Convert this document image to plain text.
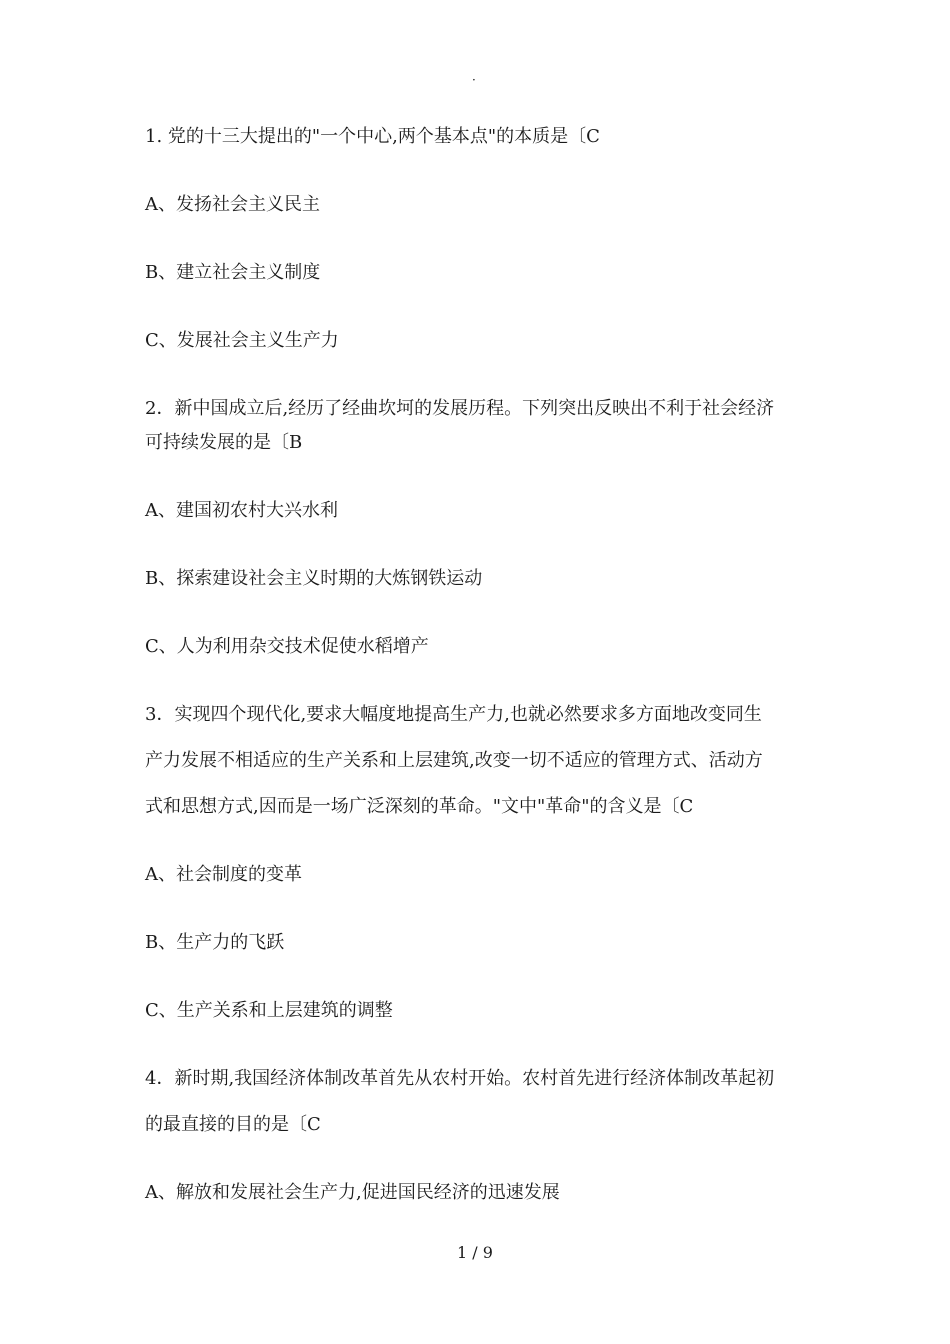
·
1. 党的十三大提出的"一个中心,两个基本点"的本质是〔C
A、发扬社会主义民主
B、建立社会主义制度
C、发展社会主义生产力
2．新中国成立后,经历了经曲坎坷的发展历程。下列突出反映出不利于社会经济
可持续发展的是〔B
A、建国初农村大兴水利
B、探索建设社会主义时期的大炼钢铁运动
C、人为利用杂交技术促使水稻增产
3．实现四个现代化,要求大幅度地提高生产力,也就必然要求多方面地改变同生
产力发展不相适应的生产关系和上层建筑,改变一切不适应的管理方式、活动方
式和思想方式,因而是一场广泛深刻的革命。"文中"革命"的含义是〔C
A、社会制度的变革
B、生产力的飞跃
C、生产关系和上层建筑的调整
4．新时期,我国经济体制改革首先从农村开始。农村首先进行经济体制改革起初
的最直接的目的是〔C
A、解放和发展社会生产力,促进国民经济的迅速发展
1 / 9
